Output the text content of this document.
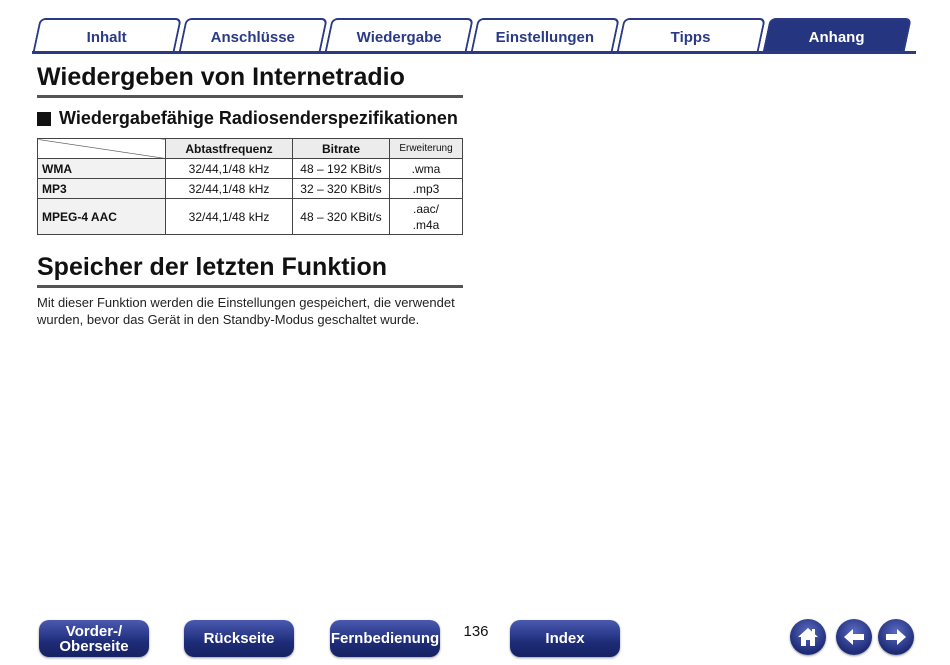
Inhalt	Anschlüsse	Wiedergabe	Einstellungen	Tipps	Anhang
Wiedergeben von Internetradio
Wiedergabefähige Radiosenderspezifikationen
	Abtastfrequenz	Bitrate	Erweiterung
WMA	32/44,1/48 kHz	48 – 192 KBit/s	.wma
MP3	32/44,1/48 kHz	32 – 320 KBit/s	.mp3
MPEG-4 AAC	32/44,1/48 kHz	48 – 320 KBit/s	.aac/
.m4a
Speicher der letzten Funktion
Mit dieser Funktion werden die Einstellungen gespeichert, die verwendet wurden, bevor das Gerät in den Standby-Modus geschaltet wurde.
Vorder-/
Oberseite	Rückseite	Fernbedienung	136	Index
